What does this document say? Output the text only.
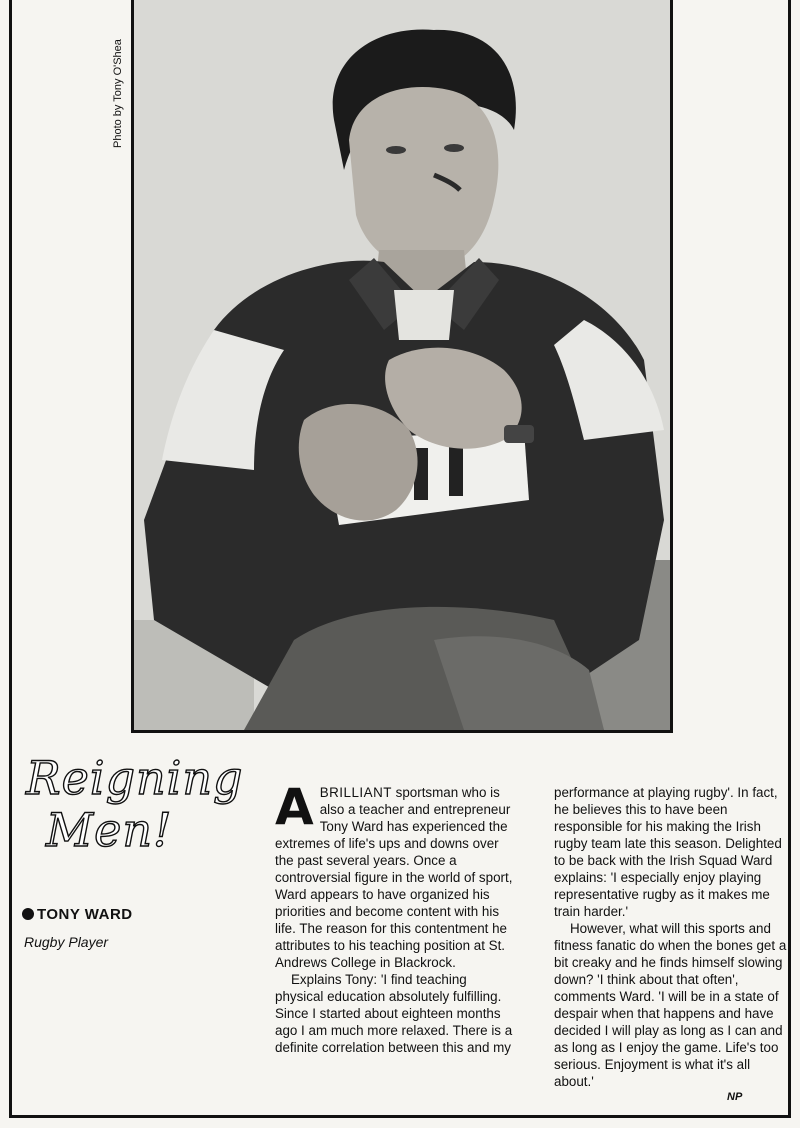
Photo by Tony O'Shea
Reigning
Men!
TONY WARD
Rugby Player

ABRILLIANT sportsman who is also a teacher and entrepreneur Tony Ward has experienced the extremes of life's ups and downs over the past several years. Once a controversial figure in the world of sport, Ward appears to have organized his priorities and become content with his life. The reason for this contentment he attributes to his teaching position at St. Andrews College in Blackrock.

Explains Tony: 'I find teaching physical education absolutely fulfilling. Since I started about eighteen months ago I am much more relaxed. There is a definite correlation between this and my

performance at playing rugby'. In fact, he believes this to have been responsible for his making the Irish rugby team late this season. Delighted to be back with the Irish Squad Ward explains: 'I especially enjoy playing representative rugby as it makes me train harder.'

However, what will this sports and fitness fanatic do when the bones get a bit creaky and he finds himself slowing down? 'I think about that often', comments Ward. 'I will be in a state of despair when that happens and have decided I will play as long as I can and as long as I enjoy the game. Life's too serious. Enjoyment is what it's all about.'

NP
